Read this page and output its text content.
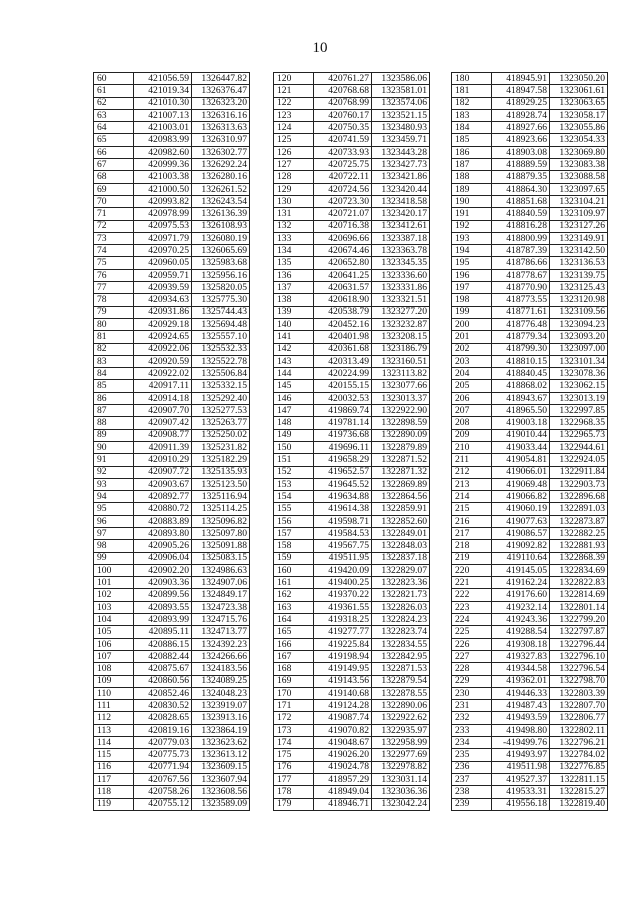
10
60	421056.59	1326447.82
61	421019.34	1326376.47
62	421010.30	1326323.20
63	421007.13	1326316.16
64	421003.01	1326313.63
65	420983.99	1326310.97
66	420982.60	1326302.77
67	420999.36	1326292.24
68	421003.38	1326280.16
69	421000.50	1326261.52
70	420993.82	1326243.54
71	420978.99	1326136.39
72	420975.53	1326108.93
73	420971.79	1326080.19
74	420970.25	1326065.69
75	420960.05	1325983.68
76	420959.71	1325956.16
77	420939.59	1325820.05
78	420934.63	1325775.30
79	420931.86	1325744.43
80	420929.18	1325694.48
81	420924.65	1325557.10
82	420922.06	1325532.33
83	420920.59	1325522.78
84	420922.02	1325506.84
85	420917.11	1325332.15
86	420914.18	1325292.40
87	420907.70	1325277.53
88	420907.42	1325263.77
89	420908.77	1325250.02
90	420911.39	1325231.82
91	420910.29	1325182.29
92	420907.72	1325135.93
93	420903.67	1325123.50
94	420892.77	1325116.94
95	420880.72	1325114.25
96	420883.89	1325096.82
97	420893.80	1325097.80
98	420905.26	1325091.88
99	420906.04	1325083.15
100	420902.20	1324986.63
101	420903.36	1324907.06
102	420899.56	1324849.17
103	420893.55	1324723.38
104	420893.99	1324715.76
105	420895.11	1324713.77
106	420886.15	1324392.23
107	420882.44	1324266.66
108	420875.67	1324183.56
109	420860.56	1324089.25
110	420852.46	1324048.23
111	420830.52	1323919.07
112	420828.65	1323913.16
113	420819.16	1323864.19
114	420779.03	1323623.62
115	420775.73	1323613.12
116	420771.94	1323609.15
117	420767.56	1323607.94
118	420758.26	1323608.56
119	420755.12	1323589.09
120	420761.27	1323586.06
121	420768.68	1323581.01
122	420768.99	1323574.06
123	420760.17	1323521.15
124	420750.35	1323480.93
125	420741.59	1323459.71
126	420733.93	1323443.28
127	420725.75	1323427.73
128	420722.11	1323421.86
129	420724.56	1323420.44
130	420723.30	1323418.58
131	420721.07	1323420.17
132	420716.38	1323412.61
133	420696.66	1323387.18
134	420674.46	1323363.78
135	420652.80	1323345.35
136	420641.25	1323336.60
137	420631.57	1323331.86
138	420618.90	1323321.51
139	420538.79	1323277.20
140	420452.16	1323232.87
141	420401.98	1323208.15
142	420361.68	1323186.79
143	420313.49	1323160.51
144	420224.99	1323113.82
145	420155.15	1323077.66
146	420032.53	1323013.37
147	419869.74	1322922.90
148	419781.14	1322898.59
149	419736.68	1322890.09
150	419696.11	1322879.89
151	419658.29	1322871.52
152	419652.57	1322871.32
153	419645.52	1322869.89
154	419634.88	1322864.56
155	419614.38	1322859.91
156	419598.71	1322852.60
157	419584.53	1322849.01
158	419567.75	1322848.03
159	419511.95	1322837.18
160	419420.09	1322829.07
161	419400.25	1322823.36
162	419370.22	1322821.73
163	419361.55	1322826.03
164	419318.25	1322824.23
165	419277.77	1322823.74
166	419225.84	1322834.55
167	419198.94	1322842.95
168	419149.95	1322871.53
169	419143.56	1322879.54
170	419140.68	1322878.55
171	419124.28	1322890.06
172	419087.74	1322922.62
173	419070.82	1322935.97
174	419048.67	1322958.99
175	419026.20	1322977.69
176	419024.78	1322978.82
177	418957.29	1323031.14
178	418949.04	1323036.36
179	418946.71	1323042.24
180	418945.91	1323050.20
181	418947.58	1323061.61
182	418929.25	1323063.65
183	418928.74	1323058.17
184	418927.66	1323055.86
185	418923.66	1323054.33
186	418903.08	1323069.80
187	418889.59	1323083.38
188	418879.35	1323088.58
189	418864.30	1323097.65
190	418851.68	1323104.21
191	418840.59	1323109.97
192	418816.28	1323127.26
193	418800.99	1323149.91
194	418787.39	1323142.50
195	418786.66	1323136.53
196	418778.67	1323139.75
197	418770.90	1323125.43
198	418773.55	1323120.98
199	418771.61	1323109.56
200	418776.48	1323094.23
201	418779.34	1323093.20
202	418799.30	1323097.00
203	418810.15	1323101.34
204	418840.45	1323078.36
205	418868.02	1323062.15
206	418943.67	1323013.19
207	418965.50	1322997.85
208	419003.18	1322968.35
209	419010.44	1322965.73
210	419033.44	1322944.61
211	419054.81	1322924.05
212	419066.01	1322911.84
213	419069.48	1322903.73
214	419066.82	1322896.68
215	419060.19	1322891.03
216	419077.63	1322873.87
217	419086.57	1322882.25
218	419092.82	1322881.93
219	419110.64	1322868.39
220	419145.05	1322834.69
221	419162.24	1322822.83
222	419176.60	1322814.69
223	419232.14	1322801.14
224	419243.36	1322799.20
225	419288.54	1322797.87
226	419308.18	1322796.44
227	419327.83	1322796.10
228	419344.58	1322796.54
229	419362.01	1322798.70
230	419446.33	1322803.39
231	419487.43	1322807.70
232	419493.59	1322806.77
233	419498.80	1322802.11
234	-419499.76	1322796.21
235	419493.97	1322784.02
236	419511.98	1322776.85
237	419527.37	1322811.15
238	419533.31	1322815.27
239	419556.18	1322819.40
